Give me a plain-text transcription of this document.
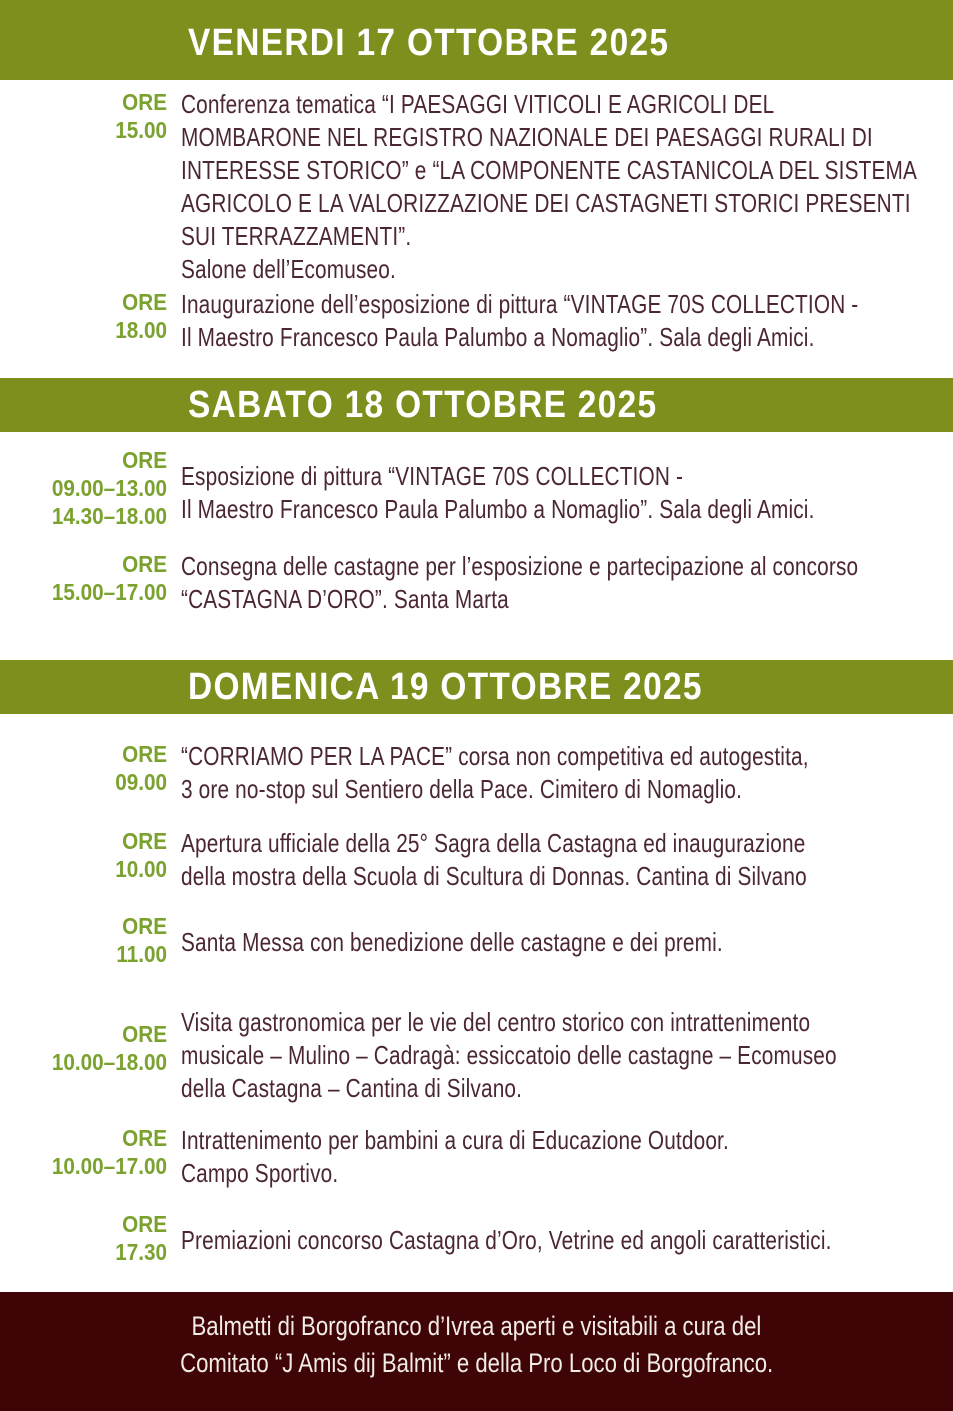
VENERDI 17 OTTOBRE 2025
ORE
15.00
Conferenza tematica “I PAESAGGI VITICOLI E AGRICOLI DEL
MOMBARONE NEL REGISTRO NAZIONALE DEI PAESAGGI RURALI DI
INTERESSE STORICO” e “LA COMPONENTE CASTANICOLA DEL SISTEMA
AGRICOLO E LA VALORIZZAZIONE DEI CASTAGNETI STORICI PRESENTI
SUI TERRAZZAMENTI”.
Salone dell’Ecomuseo.
ORE
18.00
Inaugurazione dell’esposizione di pittura “VINTAGE 70S COLLECTION -
Il Maestro Francesco Paula Palumbo a Nomaglio”. Sala degli Amici.
SABATO 18 OTTOBRE 2025
ORE
09.00–13.00
14.30–18.00
Esposizione di pittura “VINTAGE 70S COLLECTION -
Il Maestro Francesco Paula Palumbo a Nomaglio”. Sala degli Amici.
ORE
15.00–17.00
Consegna delle castagne per l’esposizione e partecipazione al concorso
“CASTAGNA D’ORO”. Santa Marta
DOMENICA 19 OTTOBRE 2025
ORE
09.00
“CORRIAMO PER LA PACE” corsa non competitiva ed autogestita,
3 ore no-stop sul Sentiero della Pace. Cimitero di Nomaglio.
ORE
10.00
Apertura ufficiale della 25° Sagra della Castagna ed inaugurazione
della mostra della Scuola di Scultura di Donnas. Cantina di Silvano
ORE
11.00 Santa Messa con benedizione delle castagne e dei premi.
ORE
10.00–18.00
Visita gastronomica per le vie del centro storico con intrattenimento
musicale – Mulino – Cadragà: essiccatoio delle castagne – Ecomuseo
della Castagna – Cantina di Silvano.
ORE
10.00–17.00
Intrattenimento per bambini a cura di Educazione Outdoor.
Campo Sportivo.
ORE
17.30 Premiazioni concorso Castagna d’Oro, Vetrine ed angoli caratteristici.
Balmetti di Borgofranco d’Ivrea aperti e visitabili a cura del
Comitato “J Amis dij Balmit” e della Pro Loco di Borgofranco.
